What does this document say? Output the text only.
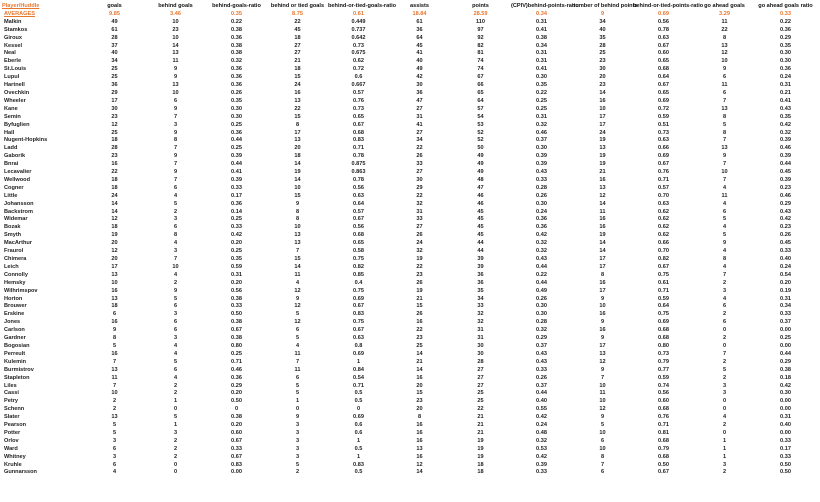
Player/Huddle	goals	behind goals	behind-goals-ratio	behind or tied goals	behind-or-tied-goals-ratio	assists	points	(CPIV)behind-points-ratio	number of behind points	behind-or-tied-points-ratio	go ahead goals	go ahead goals ratio
AVERAGES	9.85	3.46	0.35	8.75	0.61	18.84	28.59	0.34	9	0.69	3.29	0.33
Malkin	49	10	0.22	22	0.449	61	110	0.31	34	0.56	11	0.22
Stamkos	61	23	0.38	45	0.737	36	97	0.41	40	0.78	22	0.36
Giroux	28	10	0.36	18	0.642	64	92	0.38	35	0.63	8	0.29
Kessel	37	14	0.38	27	0.73	45	82	0.34	28	0.67	13	0.35
Neal	40	13	0.38	27	0.675	41	81	0.31	25	0.60	12	0.30
Eberle	34	11	0.32	21	0.62	40	74	0.31	23	0.65	10	0.30
St.Louis	25	9	0.36	18	0.72	49	74	0.41	30	0.68	9	0.36
Lupul	25	9	0.36	15	0.6	42	67	0.30	20	0.64	6	0.24
Hartnell	36	13	0.36	24	0.667	30	66	0.35	23	0.67	11	0.31
Ovechkin	29	10	0.26	16	0.57	36	65	0.22	14	0.65	6	0.21
Wheeler	17	6	0.35	13	0.76	47	64	0.25	16	0.69	7	0.41
Kane	30	9	0.30	22	0.73	27	57	0.25	10	0.72	13	0.43
Semin	23	7	0.30	15	0.65	31	54	0.31	17	0.59	8	0.35
Byfuglien	12	3	0.25	8	0.67	41	53	0.32	17	0.51	5	0.42
Hall	25	9	0.36	17	0.68	27	52	0.46	24	0.73	8	0.32
Nugent-Hopkins	18	8	0.44	13	0.83	34	52	0.37	19	0.63	7	0.39
Ladd	28	7	0.25	20	0.71	22	50	0.30	13	0.66	13	0.46
Gaborik	23	9	0.39	18	0.78	26	49	0.39	19	0.69	9	0.39
Bnrai	16	7	0.44	14	0.875	33	49	0.39	19	0.67	7	0.44
Lecavalier	22	9	0.41	19	0.863	27	49	0.43	21	0.76	10	0.45
Wellwood	18	7	0.39	14	0.78	30	48	0.33	16	0.71	7	0.39
Cogner	18	6	0.33	10	0.56	29	47	0.28	13	0.57	4	0.23
Little	24	4	0.17	15	0.63	22	46	0.26	12	0.70	11	0.46
Johansson	14	5	0.36	9	0.64	32	46	0.30	14	0.63	4	0.29
Backstrom	14	2	0.14	8	0.57	31	45	0.24	11	0.62	6	0.43
Widemar	12	3	0.25	8	0.67	33	45	0.36	16	0.62	5	0.42
Bozak	18	6	0.33	10	0.56	27	45	0.36	16	0.62	4	0.23
Smyth	19	8	0.42	13	0.68	26	45	0.42	19	0.62	5	0.26
MacArthur	20	4	0.20	13	0.65	24	44	0.32	14	0.66	9	0.45
Fraurol	12	3	0.25	7	0.58	32	44	0.32	14	0.70	4	0.33
Chimera	20	7	0.35	15	0.75	19	39	0.43	17	0.82	8	0.40
Leich	17	10	0.59	14	0.82	22	39	0.44	17	0.67	4	0.24
Connolly	13	4	0.31	11	0.85	23	36	0.22	8	0.75	7	0.54
Hemsky	10	2	0.20	4	0.4	26	36	0.44	16	0.61	2	0.20
Wilhrimspov	16	9	0.56	12	0.75	19	35	0.49	17	0.71	3	0.19
Horton	13	5	0.38	9	0.69	21	34	0.26	9	0.59	4	0.31
Brouwer	18	6	0.33	12	0.67	15	33	0.30	10	0.64	6	0.34
Erskine	6	3	0.50	5	0.83	26	32	0.30	16	0.75	2	0.33
Jones	16	6	0.38	12	0.75	16	32	0.28	9	0.69	6	0.37
Carlson	9	6	0.67	6	0.67	22	31	0.32	16	0.68	0	0.00
Gardner	8	3	0.38	5	0.63	23	31	0.29	9	0.68	2	0.25
Bogosian	5	4	0.80	4	0.8	25	30	0.37	17	0.80	0	0.00
Perreult	16	4	0.25	11	0.69	14	30	0.43	13	0.73	7	0.44
Kulemin	7	5	0.71	7	1	21	28	0.43	12	0.79	2	0.29
Burmistrov	13	6	0.46	11	0.84	14	27	0.33	9	0.77	5	0.38
Stapleton	11	4	0.36	6	0.54	16	27	0.26	7	0.59	2	0.18
Liles	7	2	0.29	5	0.71	20	27	0.37	10	0.74	3	0.42
Cassi	10	2	0.20	5	0.5	15	25	0.44	11	0.56	3	0.30
Petry	2	1	0.50	1	0.5	23	25	0.40	10	0.60	0	0.00
Schenn	2	0	0	0	0	20	22	0.55	12	0.68	0	0.00
Slater	13	5	0.38	9	0.69	8	21	0.42	9	0.76	4	0.31
Pearson	5	1	0.20	3	0.6	16	21	0.24	5	0.71	2	0.40
Potter	5	3	0.60	3	0.6	16	21	0.48	10	0.81	0	0.00
Orlov	3	2	0.67	3	1	16	19	0.32	6	0.68	1	0.33
Ward	6	2	0.33	3	0.5	13	19	0.53	10	0.79	1	0.17
Whitney	3	2	0.67	3	1	16	19	0.42	8	0.68	1	0.33
Kruhle	6	0	0.83	5	0.83	12	18	0.39	7	0.50	3	0.50
Gunnarsson	4	0	0.00	2	0.5	14	18	0.33	6	0.67	2	0.50
